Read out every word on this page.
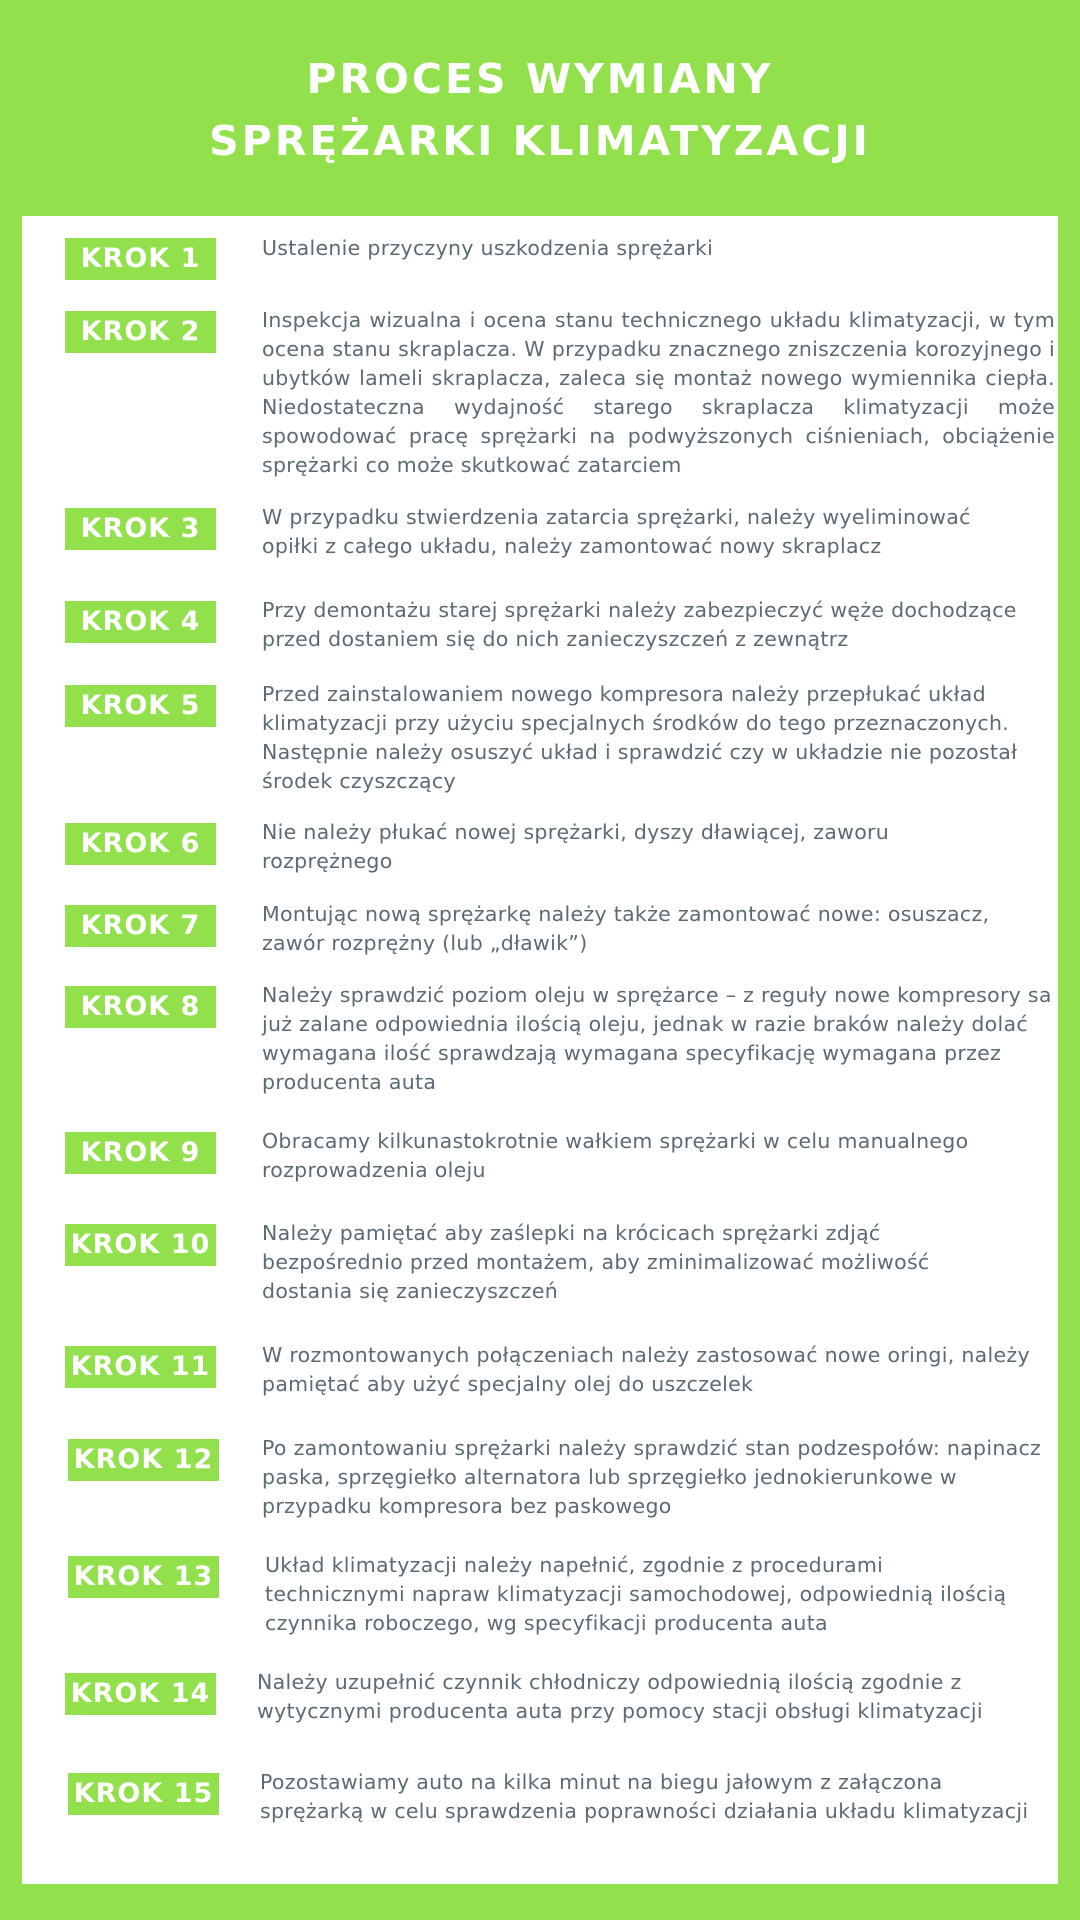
PROCES WYMIANY
SPRĘŻARKI KLIMATYZACJI
KROK 1	Ustalenie przyczyny uszkodzenia sprężarki
KROK 2	Inspekcja wizualna i ocena stanu technicznego układu klimatyzacji, w tym ocena stanu skraplacza. W przypadku znacznego zniszczenia korozyjnego i ubytków lameli skraplacza, zaleca się montaż nowego wymiennika ciepła. Niedostateczna wydajność starego skraplacza klimatyzacji może spowodować pracę sprężarki na podwyższonych ciśnieniach, obciążenie sprężarki co może skutkować zatarciem
KROK 3	W przypadku stwierdzenia zatarcia sprężarki, należy wyeliminować opiłki z całego układu, należy zamontować nowy skraplacz
KROK 4	Przy demontażu starej sprężarki należy zabezpieczyć węże dochodzące przed dostaniem się do nich zanieczyszczeń z zewnątrz
KROK 5	Przed zainstalowaniem nowego kompresora należy przepłukać układ klimatyzacji przy użyciu specjalnych środków do tego przeznaczonych. Następnie należy osuszyć układ i sprawdzić czy w układzie nie pozostał środek czyszczący
KROK 6	Nie należy płukać nowej sprężarki, dyszy dławiącej, zaworu rozprężnego
KROK 7	Montując nową sprężarkę należy także zamontować nowe: osuszacz, zawór rozprężny (lub „dławik”)
KROK 8	Należy sprawdzić poziom oleju w sprężarce – z reguły nowe kompresory sa już zalane odpowiednia ilością oleju, jednak w razie braków należy dolać wymagana ilość sprawdzają wymagana specyfikację wymagana przez producenta auta
KROK 9	Obracamy kilkunastokrotnie wałkiem sprężarki w celu manualnego rozprowadzenia oleju
KROK 10	Należy pamiętać aby zaślepki na krócicach sprężarki zdjąć bezpośrednio przed montażem, aby zminimalizować możliwość dostania się zanieczyszczeń
KROK 11	W rozmontowanych połączeniach należy zastosować nowe oringi, należy pamiętać aby użyć specjalny olej do uszczelek
KROK 12 Po zamontowaniu sprężarki należy sprawdzić stan podzespołów: napinacz paska, sprzęgiełko alternatora lub sprzęgiełko jednokierunkowe w przypadku kompresora bez paskowego
KROK 13	Układ klimatyzacji należy napełnić, zgodnie z procedurami technicznymi napraw klimatyzacji samochodowej, odpowiednią ilością czynnika roboczego, wg specyfikacji producenta auta
KROK 14 Należy uzupełnić czynnik chłodniczy odpowiednią ilością zgodnie z wytycznymi producenta auta przy pomocy stacji obsługi klimatyzacji
KROK 15 Pozostawiamy auto na kilka minut na biegu jałowym z załączona sprężarką w celu sprawdzenia poprawności działania układu klimatyzacji
